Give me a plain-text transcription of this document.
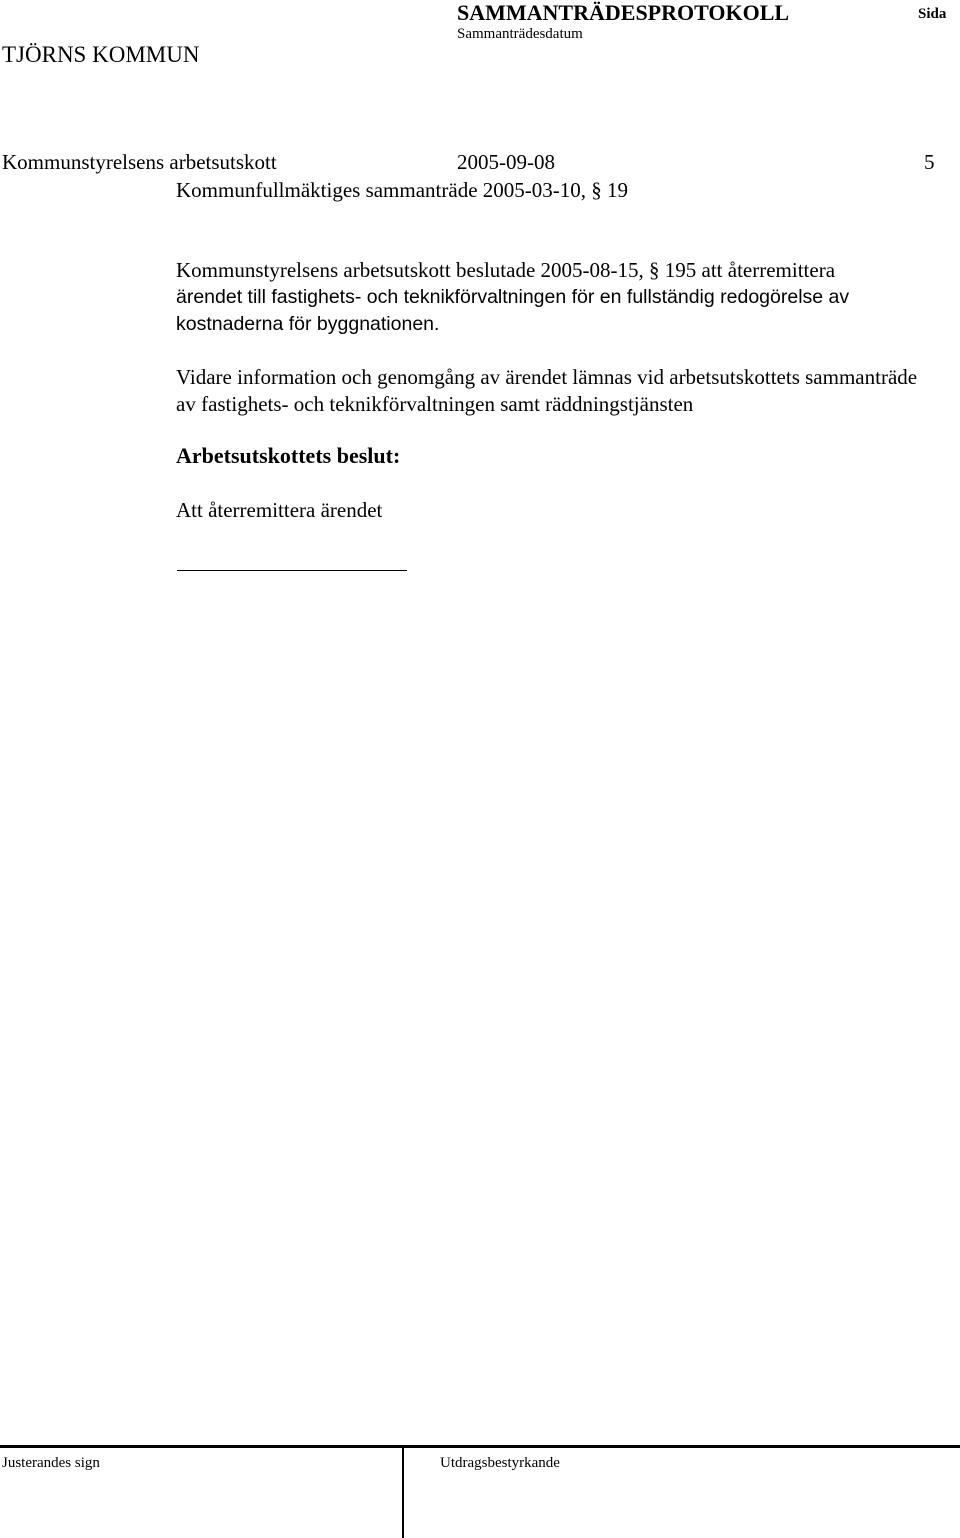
TJÖRNS KOMMUN
SAMMANTRÄDESPROTOKOLL
Sammanträdesdatum
Sida
Kommunstyrelsens arbetsutskott	2005-09-08	5
Kommunfullmäktiges sammanträde 2005-03-10, § 19
Kommunstyrelsens arbetsutskott beslutade 2005-08-15, § 195 att återremittera
ärendet till fastighets- och teknikförvaltningen för en fullständig redogörelse av kostnaderna för byggnationen.
Vidare information och genomgång av ärendet lämnas vid arbetsutskottets sammanträde av fastighets- och teknikförvaltningen samt räddningstjänsten
Arbetsutskottets beslut:
Att återremittera ärendet
Justerandes sign	Utdragsbestyrkande
